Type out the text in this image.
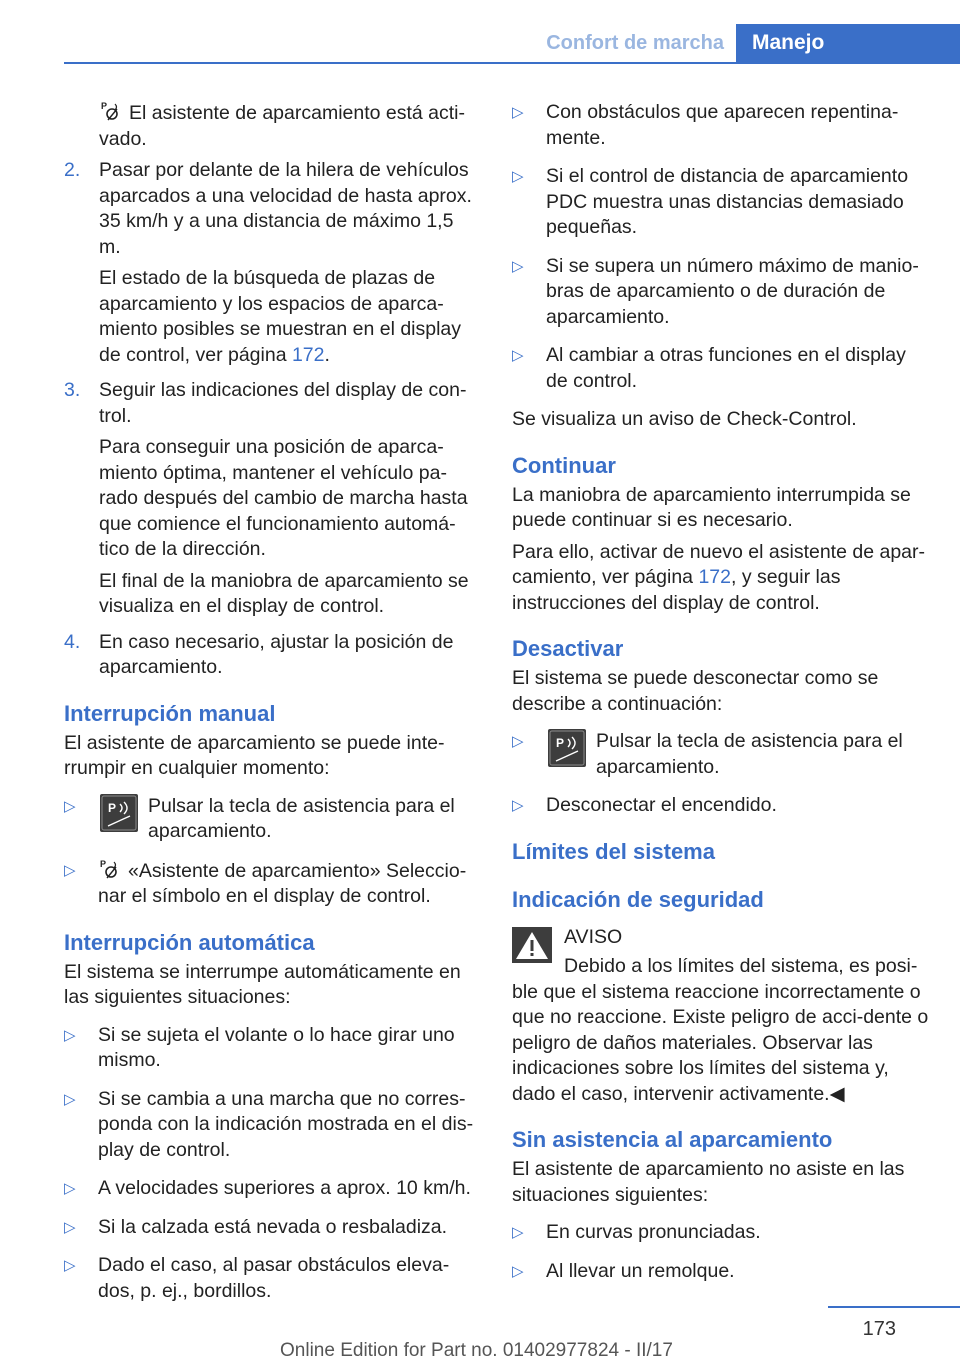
Confort de marcha	Manejo

P El asistente de aparcamiento está acti-vado.

2. Pasar por delante de la hilera de vehículos aparcados a una velocidad de hasta aprox. 35 km/h y a una distancia de máximo 1,5 m.

El estado de la búsqueda de plazas de aparcamiento y los espacios de aparca-miento posibles se muestran en el display de control, ver página 172.

3. Seguir las indicaciones del display de con-trol.

Para conseguir una posición de aparca-miento óptima, mantener el vehículo pa-rado después del cambio de marcha hasta que comience el funcionamiento automá-tico de la dirección.

El final de la maniobra de aparcamiento se visualiza en el display de control.

4. En caso necesario, ajustar la posición de aparcamiento.

Interrupción manual

El asistente de aparcamiento se puede inte-rrumpir en cualquier momento:

▷	P Pulsar la tecla de asistencia para el aparcamiento.
▷	P «Asistente de aparcamiento» Seleccio-nar el símbolo en el display de control.
Interrupción automática

El sistema se interrumpe automáticamente en las siguientes situaciones:

▷ Si se sujeta el volante o lo hace girar uno mismo.
▷ Si se cambia a una marcha que no corres-ponda con la indicación mostrada en el dis-play de control.
▷ A velocidades superiores a aprox. 10 km/h.
▷ Si la calzada está nevada o resbaladiza.
▷ Dado el caso, al pasar obstáculos eleva-dos, p. ej., bordillos.
▷ Con obstáculos que aparecen repentina-mente.
▷ Si el control de distancia de aparcamiento PDC muestra unas distancias demasiado pequeñas.
▷ Si se supera un número máximo de manio-bras de aparcamiento o de duración de aparcamiento.
▷ Al cambiar a otras funciones en el display de control.

Se visualiza un aviso de Check-Control.

Continuar

La maniobra de aparcamiento interrumpida se puede continuar si es necesario.

Para ello, activar de nuevo el asistente de apar-camiento, ver página 172, y seguir las instrucciones del display de control.

Desactivar

El sistema se puede desconectar como se describe a continuación:

▷	P Pulsar la tecla de asistencia para el aparcamiento.
▷ Desconectar el encendido.
Límites del sistema
Indicación de seguridad
AVISO

Debido a los límites del sistema, es posi-ble que el sistema reaccione incorrectamente o que no reaccione. Existe peligro de acci-dente o peligro de daños materiales. Observar las indicaciones sobre los límites del sistema y, dado el caso, intervenir activamente.◀

Sin asistencia al aparcamiento

El asistente de aparcamiento no asiste en las situaciones siguientes:

▷ En curvas pronunciadas.
▷ Al llevar un remolque.
173
Online Edition for Part no. 01402977824 - II/17
